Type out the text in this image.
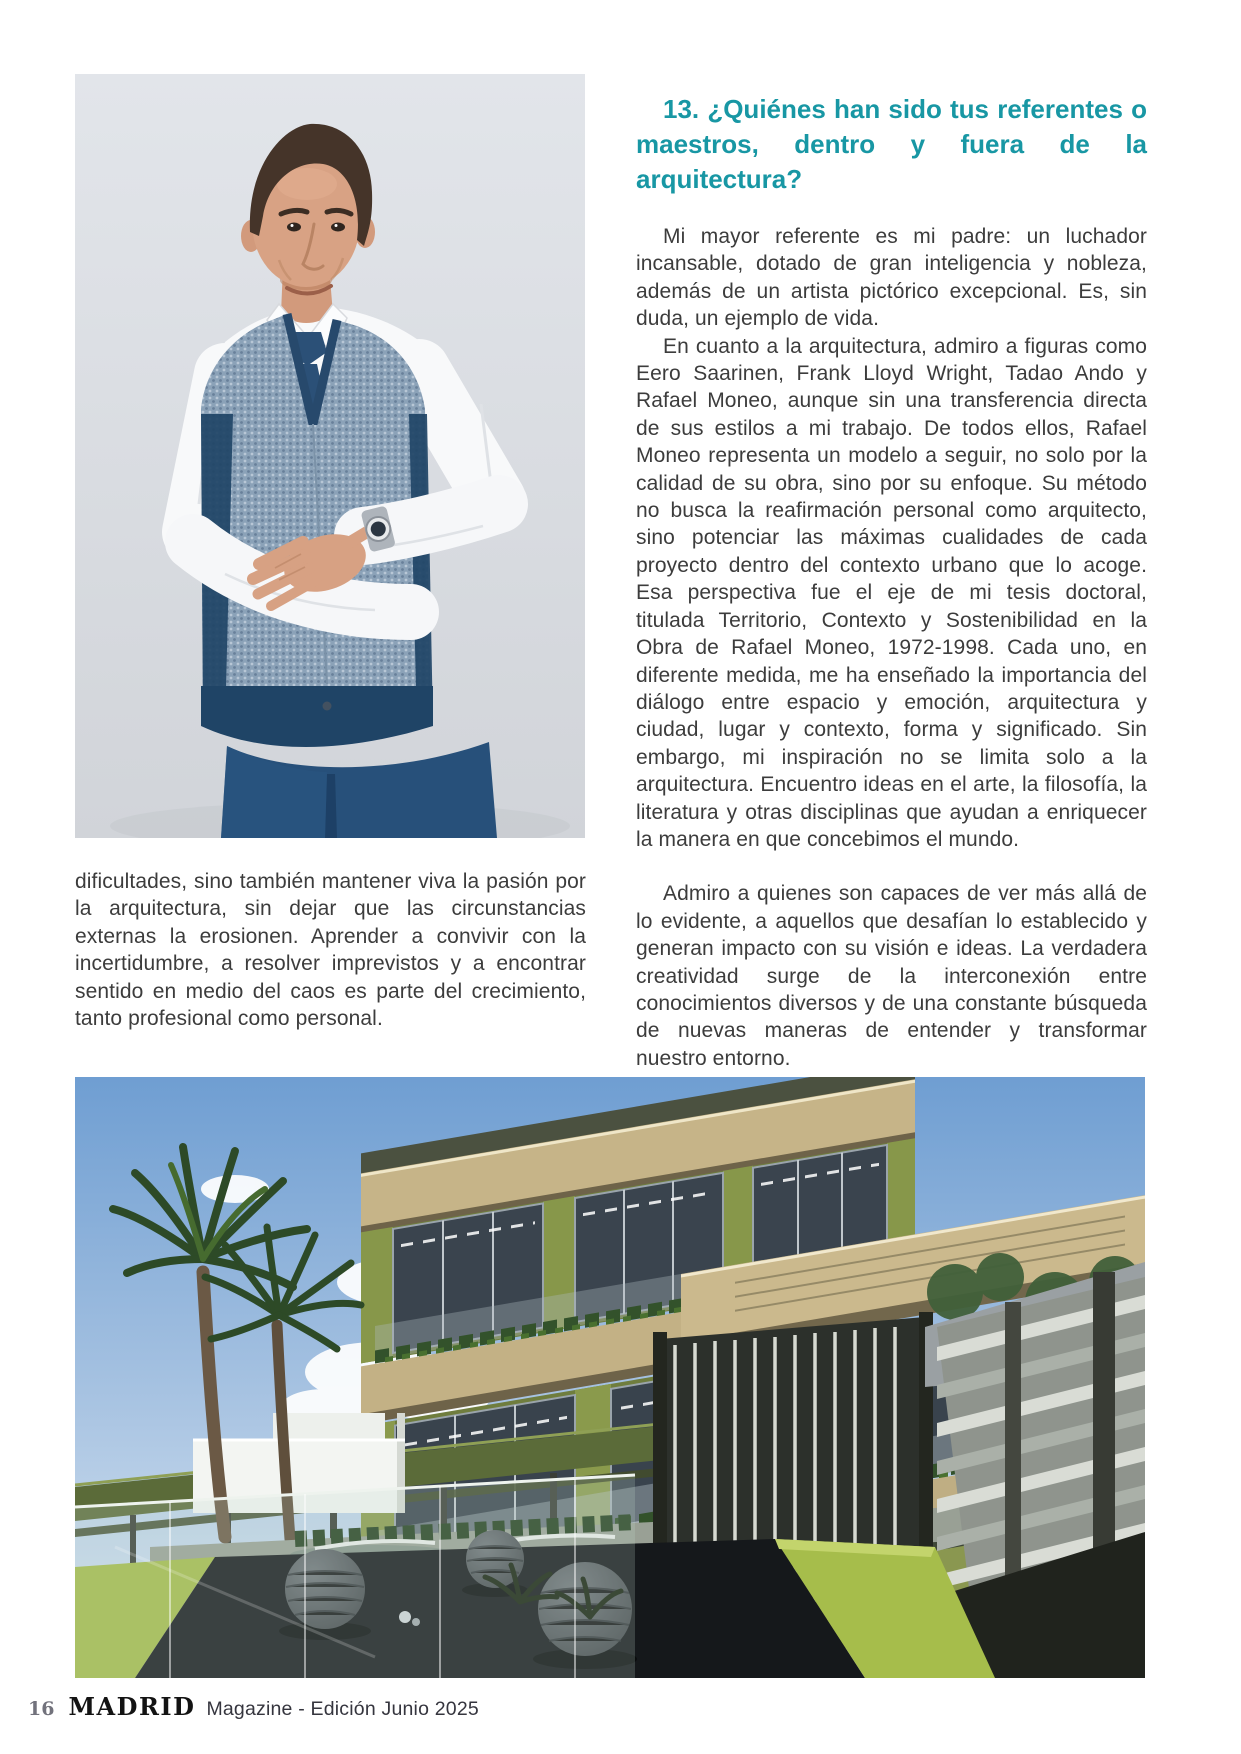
13. ¿Quiénes han sido tus referentes o maestros, dentro y fuera de la arquitectura?

Mi mayor referente es mi padre: un luchador incansable, dotado de gran inteligencia y nobleza, además de un artista pictórico excepcional. Es, sin duda, un ejemplo de vida.

En cuanto a la arquitectura, admiro a figuras como Eero Saarinen, Frank Lloyd Wright, Tadao Ando y Rafael Moneo, aunque sin una transferencia directa de sus estilos a mi trabajo. De todos ellos, Rafael Moneo representa un modelo a seguir, no solo por la calidad de su obra, sino por su enfoque. Su método no busca la reafirmación personal como arquitecto, sino potenciar las máximas cualidades de cada proyecto dentro del contexto urbano que lo acoge. Esa perspectiva fue el eje de mi tesis doctoral, titulada Territorio, Contexto y Sostenibilidad en la Obra de Rafael Moneo, 1972-1998. Cada uno, en diferente medida, me ha enseñado la importancia del diálogo entre espacio y emoción, arquitectura y ciudad, lugar y contexto, forma y significado. Sin embargo, mi inspiración no se limita solo a la arquitectura. Encuentro ideas en el arte, la filosofía, la literatura y otras disciplinas que ayudan a enriquecer la manera en que concebimos el mundo.

Admiro a quienes son capaces de ver más allá de lo evidente, a aquellos que desafían lo establecido y generan impacto con su visión e ideas. La verdadera creatividad surge de la interconexión entre conocimientos diversos y de una constante búsqueda de nuevas maneras de entender y transformar nuestro entorno.

dificultades, sino también mantener viva la pasión por la arquitectura, sin dejar que las circunstancias externas la erosionen. Aprender a convivir con la incertidumbre, a resolver imprevistos y a encontrar sentido en medio del caos es parte del crecimiento, tanto profesional como personal.

16 MADRID Magazine - Edición Junio 2025
